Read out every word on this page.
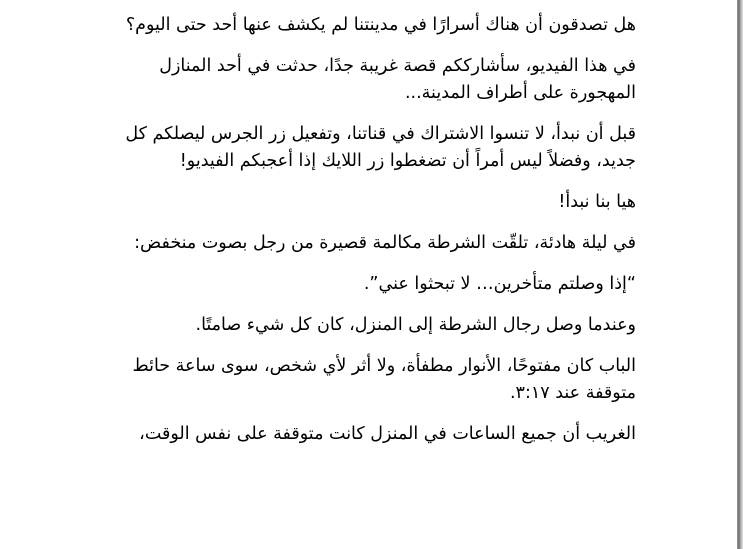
هل تصدقون أن هناك أسرارًا في مدينتنا لم يكشف عنها أحد حتى اليوم؟

في هذا الفيديو، سأشارككم قصة غريبة جدًا، حدثت في أحد المنازل المهجورة على أطراف المدينة...

قبل أن نبدأ، لا تنسوا الاشتراك في قناتنا، وتفعيل زر الجرس ليصلكم كل جديد، وفضلاً ليس أمراً أن تضغطوا زر اللايك إذا أعجبكم الفيديو!

هيا بنا نبدأ!

في ليلة هادئة، تلقّت الشرطة مكالمة قصيرة من رجل بصوت منخفض:

“إذا وصلتم متأخرين… لا تبحثوا عني”.

وعندما وصل رجال الشرطة إلى المنزل، كان كل شيء صامتًا.

الباب كان مفتوحًا، الأنوار مطفأة، ولا أثر لأي شخص، سوى ساعة حائط متوقفة عند ٣:١٧.

الغريب أن جميع الساعات في المنزل كانت متوقفة على نفس الوقت،
